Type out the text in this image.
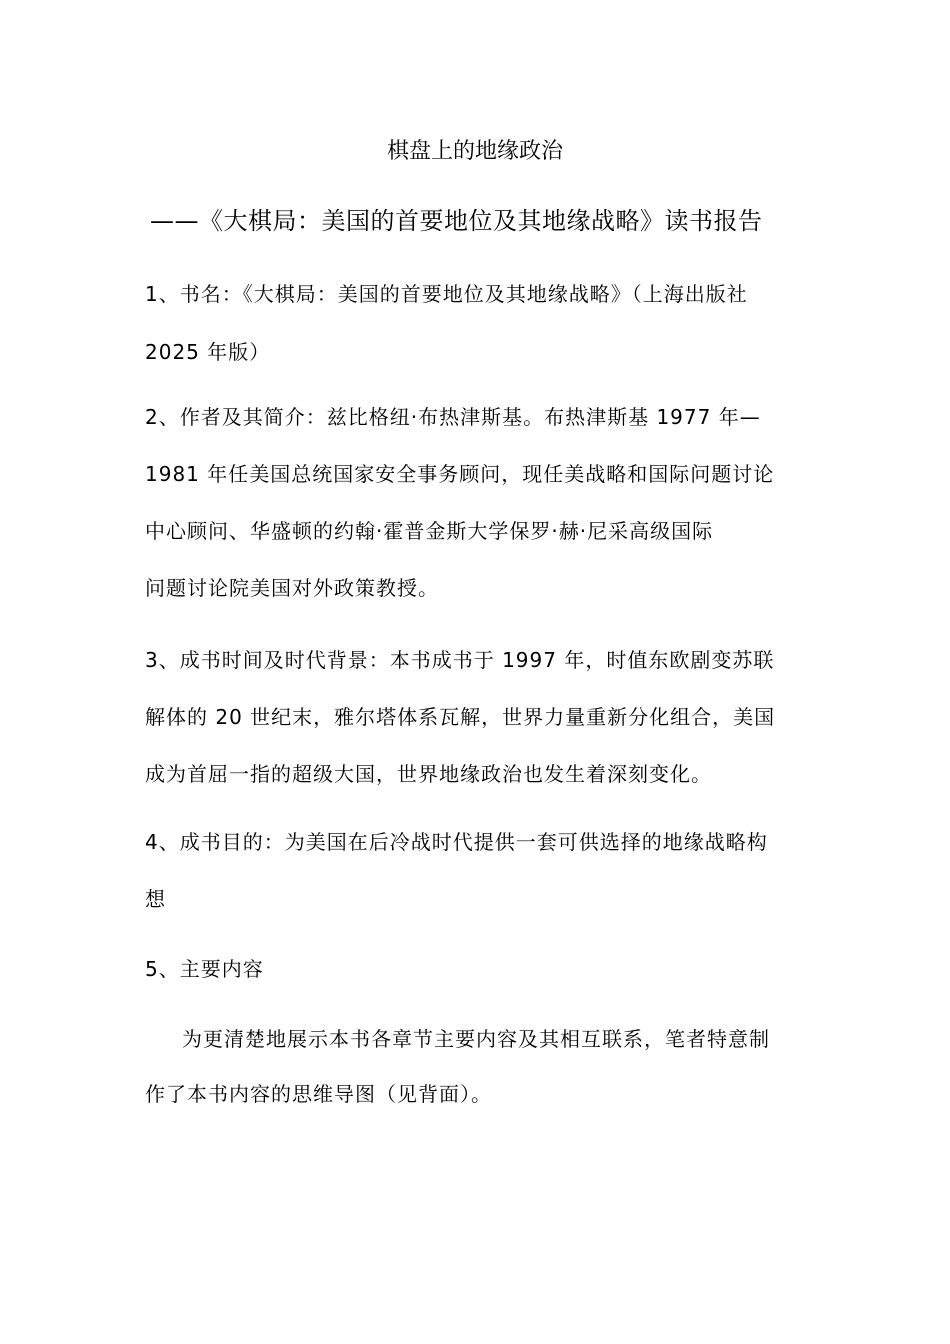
棋盘上的地缘政治
——《大棋局：美国的首要地位及其地缘战略》读书报告
1、书名：《大棋局：美国的首要地位及其地缘战略》（上海出版社
2025 年版）
2、作者及其简介：兹比格纽·布热津斯基。布热津斯基 1977 年—
1981 年任美国总统国家安全事务顾问，现任美战略和国际问题讨论
中心顾问、华盛顿的约翰·霍普金斯大学保罗·赫·尼采高级国际
问题讨论院美国对外政策教授。
3、成书时间及时代背景：本书成书于 1997 年，时值东欧剧变苏联
解体的 20 世纪末，雅尔塔体系瓦解，世界力量重新分化组合，美国
成为首屈一指的超级大国，世界地缘政治也发生着深刻变化。
4、成书目的：为美国在后冷战时代提供一套可供选择的地缘战略构
想
5、主要内容
为更清楚地展示本书各章节主要内容及其相互联系，笔者特意制
作了本书内容的思维导图（见背面）。
